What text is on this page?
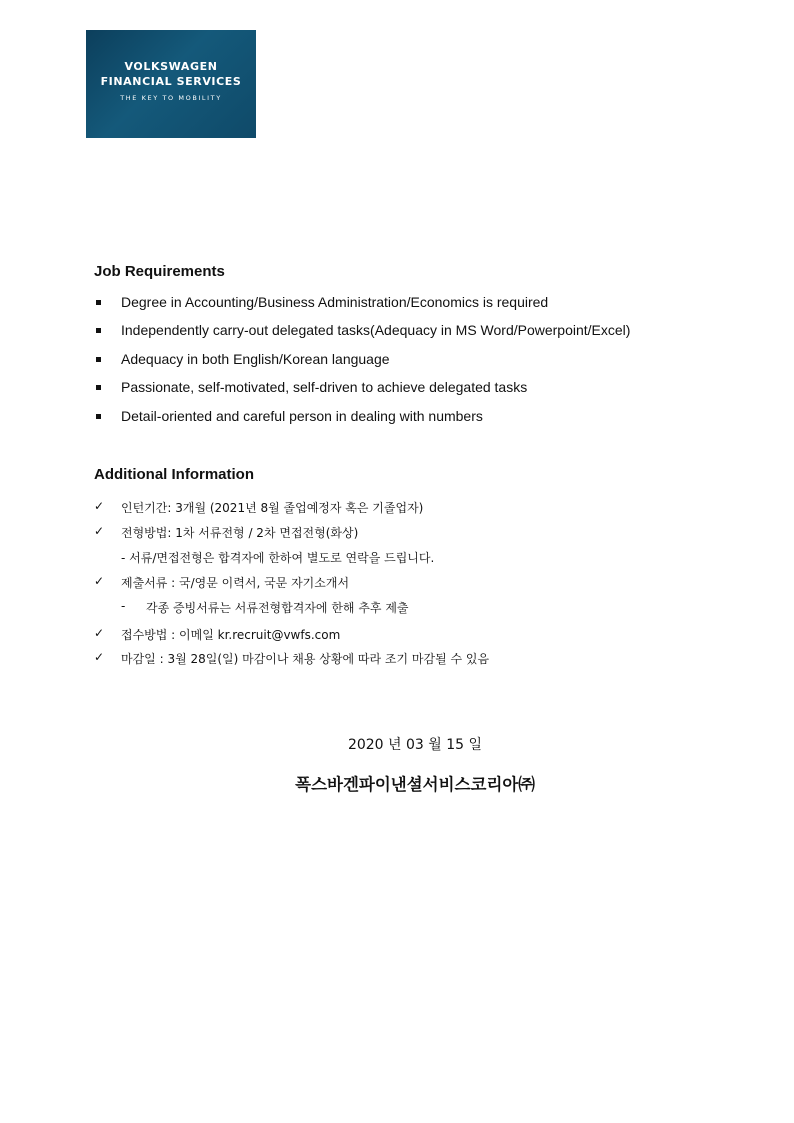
VOLKSWAGEN
FINANCIAL SERVICES
THE KEY TO MOBILITY
Job Requirements
Degree in Accounting/Business Administration/Economics is required
Independently carry-out delegated tasks(Adequacy in MS Word/Powerpoint/Excel)
Adequacy in both English/Korean language
Passionate, self-motivated, self-driven to achieve delegated tasks
Detail-oriented and careful person in dealing with numbers
Additional Information
✓ 인턴기간: 3개월 (2021년 8월 졸업예정자 혹은 기졸업자)
✓ 전형방법: 1차 서류전형 / 2차 면접전형(화상)
- 서류/면접전형은 합격자에 한하여 별도로 연락을 드립니다.
✓ 제출서류 : 국/영문 이력서, 국문 자기소개서
- 각종 증빙서류는 서류전형합격자에 한해 추후 제출
✓ 접수방법 : 이메일 kr.recruit@vwfs.com
✓ 마감일 : 3월 28일(일) 마감이나 채용 상황에 따라 조기 마감될 수 있음
2020 년 03 월 15 일
폭스바겐파이낸셜서비스코리아㈜
